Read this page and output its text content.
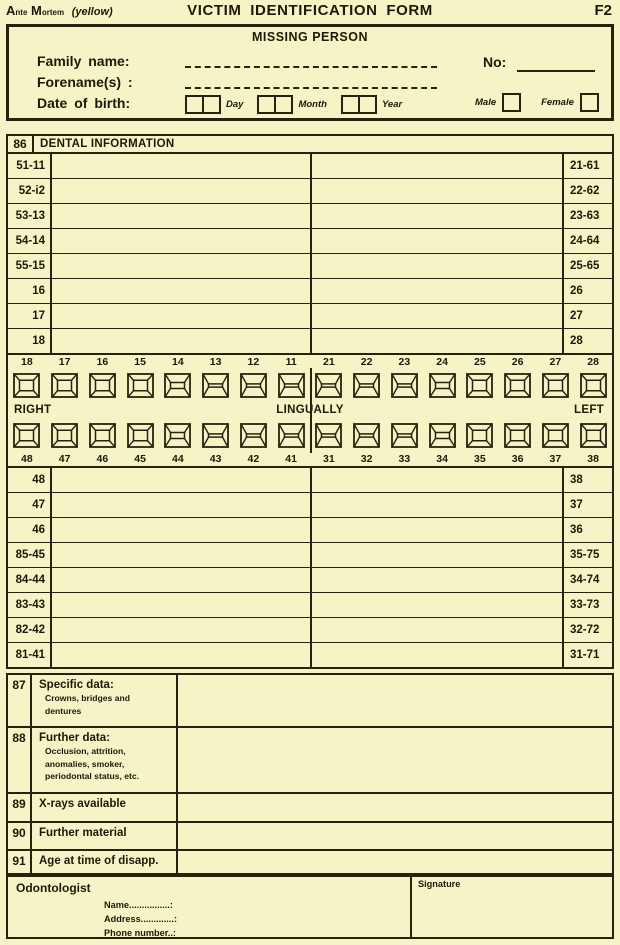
Ante Mortem (yellow)	VICTIM IDENTIFICATION FORM	F2
MISSING PERSON
Family name:
Forename(s) :
Date of birth:
No:
Day	Month	Year	Male	Female
86	DENTAL INFORMATION
51-11	21-61
52-i2	22-62
53-13	23-63
54-14	24-64
55-15	25-65
16	26
17	27
18	28
18	17	16	15	14	13	12	11	21	22	23	24	25	26	27	28
RIGHT	LINGUALLY	LEFT
48	47	46	45	44	43	42	41	31	32	33	34	35	36	37	38
48	38
47	37
46	36
85-45	35-75
84-44	34-74
83-43	33-73
82-42	32-72
81-41	31-71
87	Specific data:
Crowns, bridges and
dentures
88	Further data:
Occlusion, attrition,
anomalies, smoker,
periodontal status, etc.
89	X-rays available
90	Further material
91	Age at time of disapp.
Odontologist
Name................:
Address.............:
Phone number..:
Signature
